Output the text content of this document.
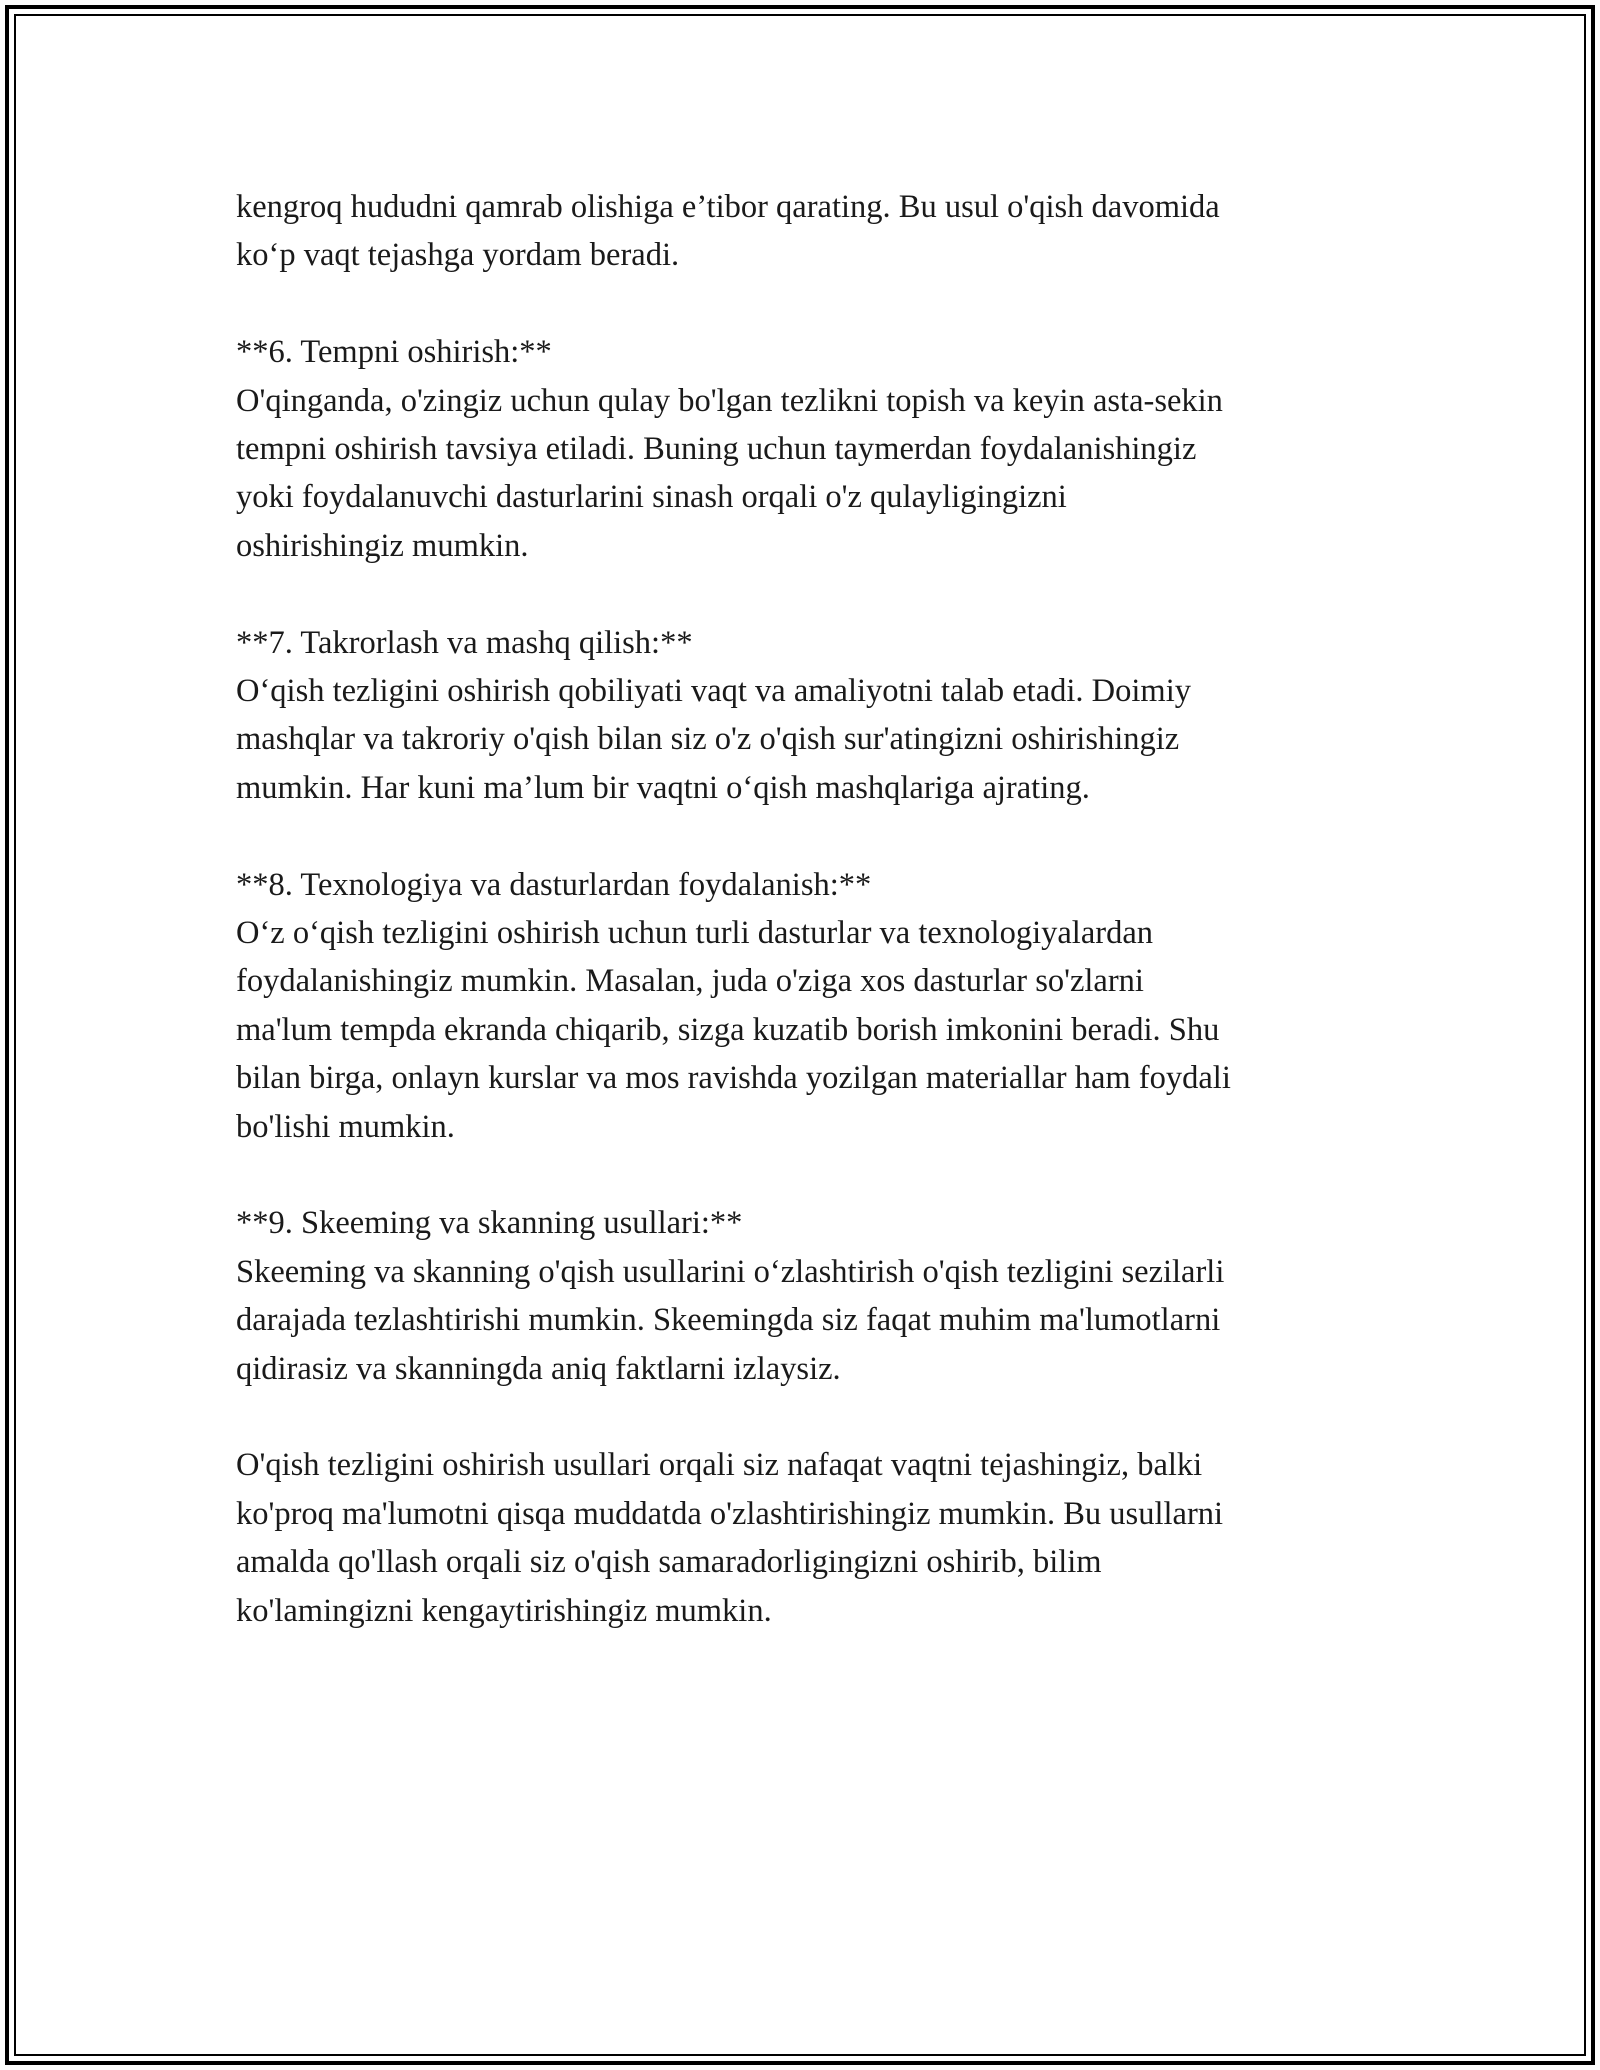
kengroq hududni qamrab olishiga e’tibor qarating. Bu usul o'qish davomida
ko‘p vaqt tejashga yordam beradi.
**6. Tempni oshirish:**
O'qinganda, o'zingiz uchun qulay bo'lgan tezlikni topish va keyin asta-sekin
tempni oshirish tavsiya etiladi. Buning uchun taymerdan foydalanishingiz
yoki foydalanuvchi dasturlarini sinash orqali o'z qulayligingizni
oshirishingiz mumkin.
**7. Takrorlash va mashq qilish:**
O‘qish tezligini oshirish qobiliyati vaqt va amaliyotni talab etadi. Doimiy
mashqlar va takroriy o'qish bilan siz o'z o'qish sur'atingizni oshirishingiz
mumkin. Har kuni ma’lum bir vaqtni o‘qish mashqlariga ajrating.
**8. Texnologiya va dasturlardan foydalanish:**
O‘z o‘qish tezligini oshirish uchun turli dasturlar va texnologiyalardan
foydalanishingiz mumkin. Masalan, juda o'ziga xos dasturlar so'zlarni
ma'lum tempda ekranda chiqarib, sizga kuzatib borish imkonini beradi. Shu
bilan birga, onlayn kurslar va mos ravishda yozilgan materiallar ham foydali
bo'lishi mumkin.
**9. Skeeming va skanning usullari:**
Skeeming va skanning o'qish usullarini o‘zlashtirish o'qish tezligini sezilarli
darajada tezlashtirishi mumkin. Skeemingda siz faqat muhim ma'lumotlarni
qidirasiz va skanningda aniq faktlarni izlaysiz.
O'qish tezligini oshirish usullari orqali siz nafaqat vaqtni tejashingiz, balki
ko'proq ma'lumotni qisqa muddatda o'zlashtirishingiz mumkin. Bu usullarni
amalda qo'llash orqali siz o'qish samaradorligingizni oshirib, bilim
ko'lamingizni kengaytirishingiz mumkin.
